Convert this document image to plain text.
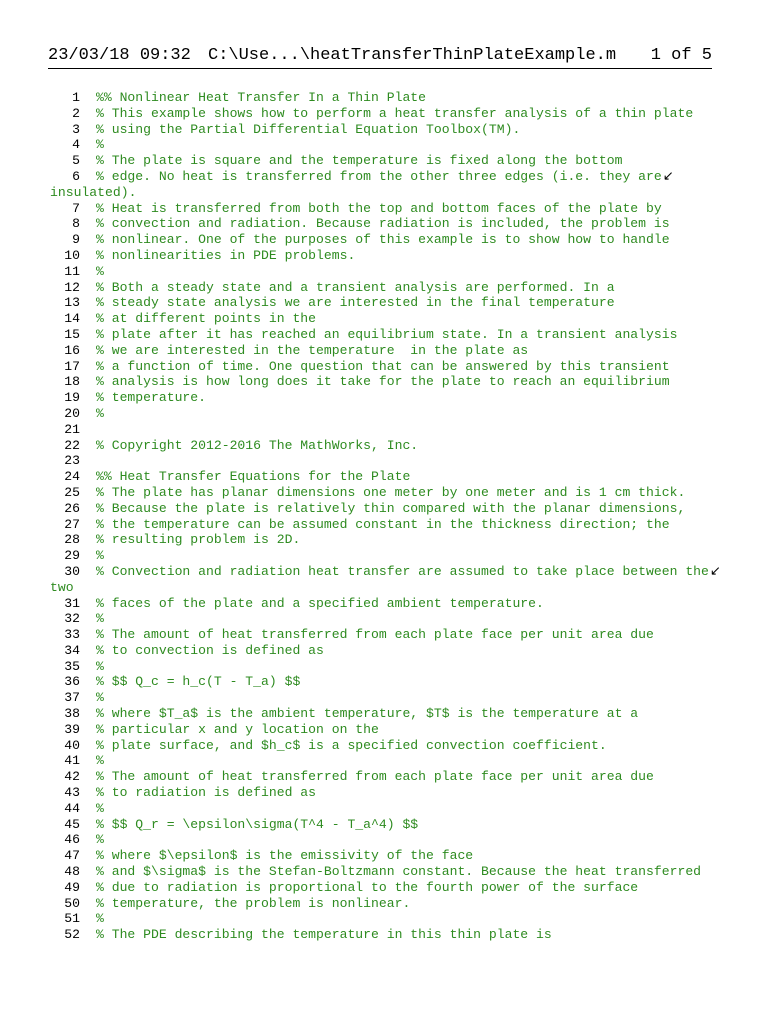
23/03/18 09:32 C:\Use...\heatTransferThinPlateExample.m 1 of 5
1 %% Nonlinear Heat Transfer In a Thin Plate
2 % This example shows how to perform a heat transfer analysis of a thin plate
3 % using the Partial Differential Equation Toolbox(TM).
4 %
5 % The plate is square and the temperature is fixed along the bottom
6 % edge. No heat is transferred from the other three edges (i.e. they are↙
insulated).
7 % Heat is transferred from both the top and bottom faces of the plate by
8 % convection and radiation. Because radiation is included, the problem is
9 % nonlinear. One of the purposes of this example is to show how to handle
10 % nonlinearities in PDE problems.
11 %
12 % Both a steady state and a transient analysis are performed. In a
13 % steady state analysis we are interested in the final temperature
14 % at different points in the
15 % plate after it has reached an equilibrium state. In a transient analysis
16 % we are interested in the temperature  in the plate as
17 % a function of time. One question that can be answered by this transient
18 % analysis is how long does it take for the plate to reach an equilibrium
19 % temperature.
20 %
21
22 % Copyright 2012-2016 The MathWorks, Inc.
23
24 %% Heat Transfer Equations for the Plate
25 % The plate has planar dimensions one meter by one meter and is 1 cm thick.
26 % Because the plate is relatively thin compared with the planar dimensions,
27 % the temperature can be assumed constant in the thickness direction; the
28 % resulting problem is 2D.
29 %
30 % Convection and radiation heat transfer are assumed to take place between the↙
two
31 % faces of the plate and a specified ambient temperature.
32 %
33 % The amount of heat transferred from each plate face per unit area due
34 % to convection is defined as
35 %
36 % $$ Q_c = h_c(T - T_a) $$
37 %
38 % where $T_a$ is the ambient temperature, $T$ is the temperature at a
39 % particular x and y location on the
40 % plate surface, and $h_c$ is a specified convection coefficient.
41 %
42 % The amount of heat transferred from each plate face per unit area due
43 % to radiation is defined as
44 %
45 % $$ Q_r = \epsilon\sigma(T^4 - T_a^4) $$
46 %
47 % where $\epsilon$ is the emissivity of the face
48 % and $\sigma$ is the Stefan-Boltzmann constant. Because the heat transferred
49 % due to radiation is proportional to the fourth power of the surface
50 % temperature, the problem is nonlinear.
51 %
52 % The PDE describing the temperature in this thin plate is
